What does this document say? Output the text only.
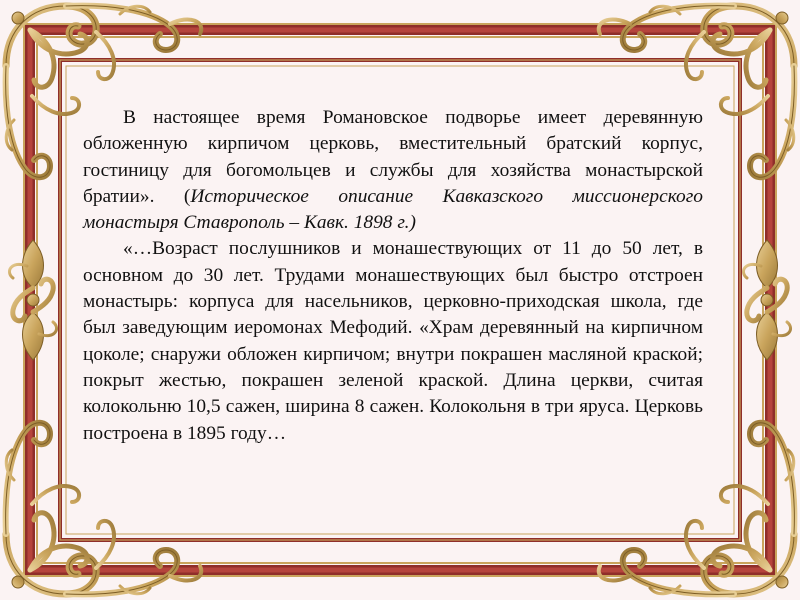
В настоящее время Романовское подворье имеет деревянную обложенную кирпичом церковь, вместительный братский корпус, гостиницу для богомольцев и службы для хозяйства монастырской братии». (Историческое описание Кавказского миссионерского монастыря Ставрополь – Кавк. 1898 г.)

«…Возраст послушников и монашествующих от 11 до 50 лет, в основном до 30 лет. Трудами монашествующих был быстро отстроен монастырь: корпуса для насельников, церковно-приходская школа, где был заведующим иеромонах Мефодий. «Храм деревянный на кирпичном цоколе; снаружи обложен кирпичом; внутри покрашен масляной краской; покрыт жестью, покрашен зеленой краской. Длина церкви, считая колокольню 10,5 сажен, ширина 8 сажен. Колокольня в три яруса. Церковь построена в 1895 году…
